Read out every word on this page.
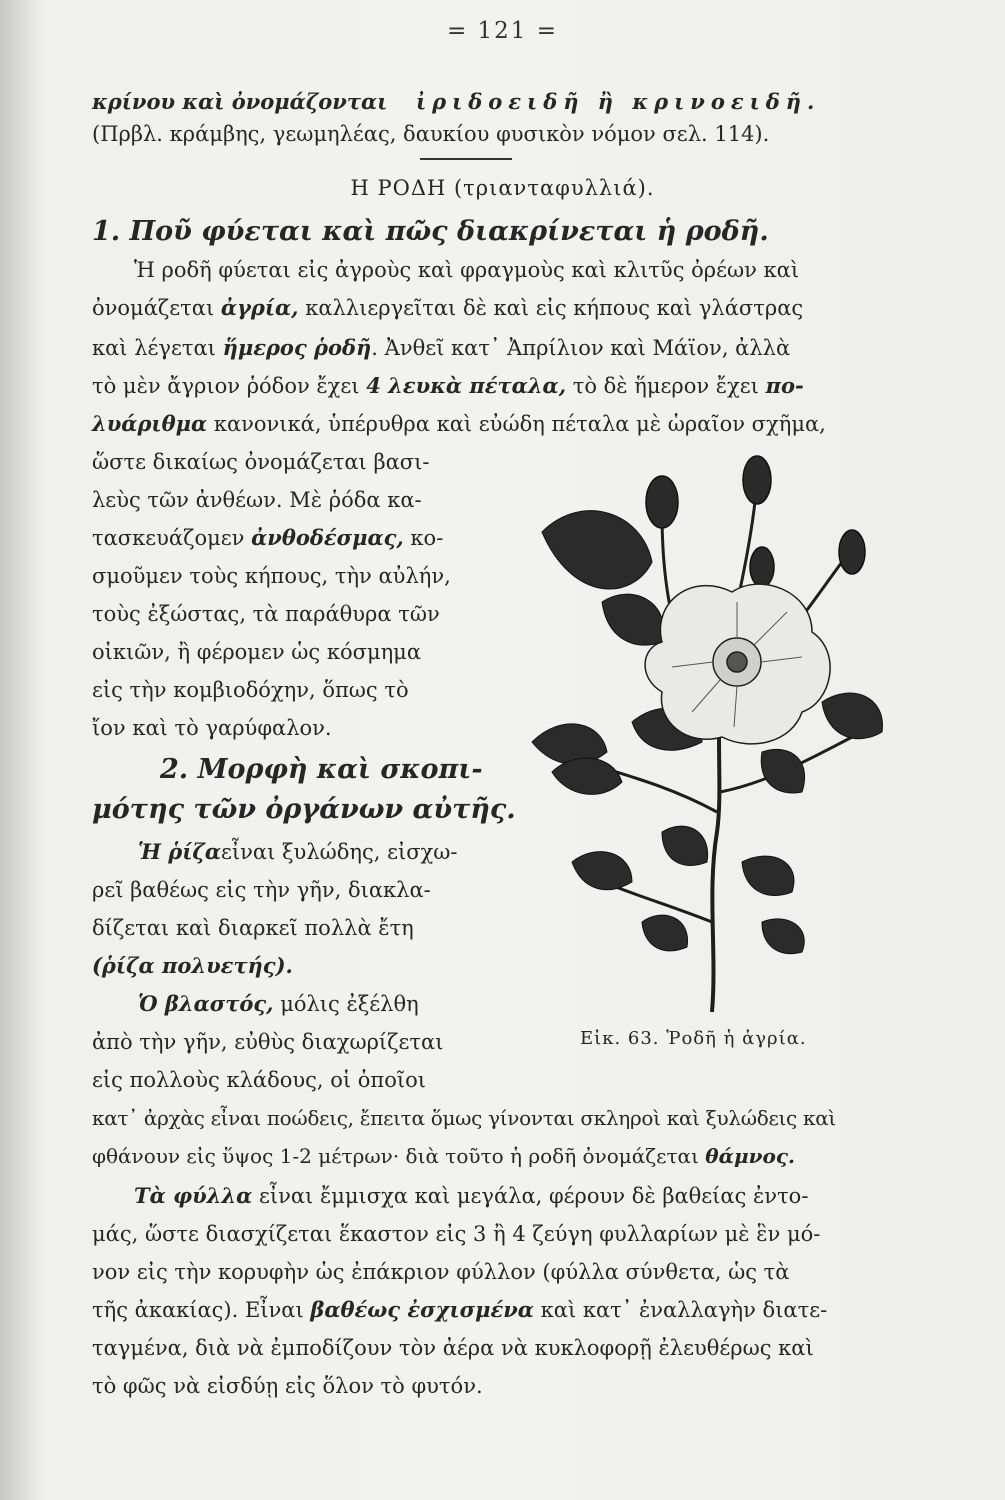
= 121 =
κρίνου καὶ ὀνομάζονται ἰριδοειδῆ ἢ κρινοειδῆ.
(Πρβλ. κράμβης, γεωμηλέας, δαυκίου φυσικὸν νόμον σελ. 114).
Η ΡΟΔΗ (τριανταφυλλιά).
1. Ποῦ φύεται καὶ πῶς διακρίνεται ἡ ροδῆ.
Ἡ ροδῆ φύεται εἰς ἀγροὺς καὶ φραγμοὺς καὶ κλιτῦς ὀρέων καὶ
ὀνομάζεται ἀγρία, καλλιεργεῖται δὲ καὶ εἰς κήπους καὶ γλάστρας
καὶ λέγεται ἥμερος ῥοδῆ. Ἀνθεῖ κατ᾽ Ἀπρίλιον καὶ Μάϊον, ἀλλὰ
τὸ μὲν ἄγριον ῥόδον ἔχει 4 λευκὰ πέταλα, τὸ δὲ ἥμερον ἔχει πο-
λυάριθμα κανονικά, ὑπέρυθρα καὶ εὐώδη πέταλα μὲ ὡραῖον σχῆμα,
ὥστε δικαίως ὀνομάζεται βασι-
λεὺς τῶν ἀνθέων. Μὲ ῥόδα κα-
τασκευάζομεν ἀνθοδέσμας, κο-
σμοῦμεν τοὺς κήπους, τὴν αὐλήν,
τοὺς ἐξώστας, τὰ παράθυρα τῶν
οἰκιῶν, ἢ φέρομεν ὡς κόσμημα
εἰς τὴν κομβιοδόχην, ὅπως τὸ
ἴον καὶ τὸ γαρύφαλον.
2. Μορφὴ καὶ σκοπι-
μότης τῶν ὀργάνων αὐτῆς.
Ἡ ῥίζαεἶναι ξυλώδης, εἰσχω-
ρεῖ βαθέως εἰς τὴν γῆν, διακλα-
δίζεται καὶ διαρκεῖ πολλὰ ἔτη
(ῥίζα πολυετής).
Ὁ βλαστός, μόλις ἐξέλθη
ἀπὸ τὴν γῆν, εὐθὺς διαχωρίζεται
εἰς πολλοὺς κλάδους, οἱ ὁποῖοι
κατ᾽ ἀρχὰς εἶναι ποώδεις, ἔπειτα ὅμως γίνονται σκληροὶ καὶ ξυλώδεις καὶ
φθάνουν εἰς ὕψος 1-2 μέτρων· διὰ τοῦτο ἡ ροδῆ ὀνομάζεται θάμνος.
Τὰ φύλλα εἶναι ἔμμισχα καὶ μεγάλα, φέρουν δὲ βαθείας ἐντο-
μάς, ὥστε διασχίζεται ἕκαστον εἰς 3 ἢ 4 ζεύγη φυλλαρίων μὲ ἓν μό-
νον εἰς τὴν κορυφὴν ὡς ἐπάκριον φύλλον (φύλλα σύνθετα, ὡς τὰ
τῆς ἀκακίας). Εἶναι βαθέως ἐσχισμένα καὶ κατ᾽ ἐναλλαγὴν διατε-
ταγμένα, διὰ νὰ ἐμποδίζουν τὸν ἀέρα νὰ κυκλοφορῇ ἐλευθέρως καὶ
τὸ φῶς νὰ εἰσδύῃ εἰς ὅλον τὸ φυτόν.
Εἰκ. 63. Ῥοδῆ ἡ ἀγρία.
